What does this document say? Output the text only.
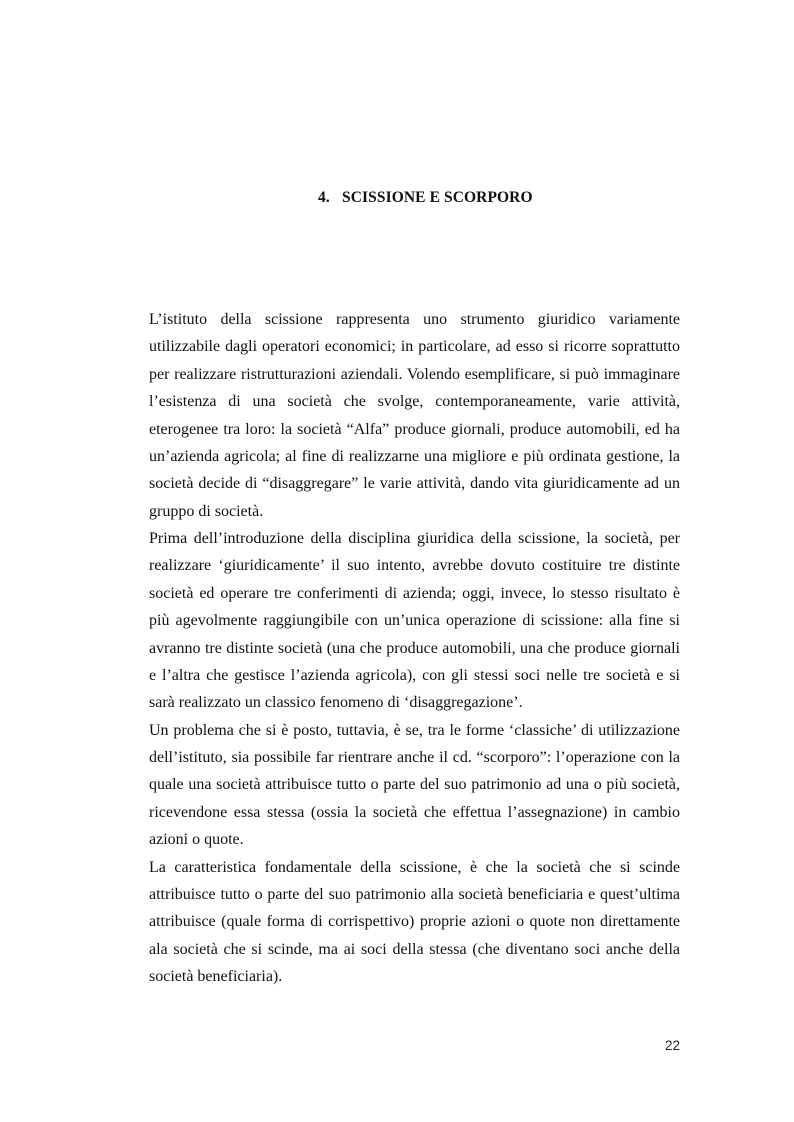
4. SCISSIONE E SCORPORO
L’istituto della scissione rappresenta uno strumento giuridico variamente
utilizzabile dagli operatori economici; in particolare, ad esso si ricorre soprattutto
per realizzare ristrutturazioni aziendali. Volendo esemplificare, si può immaginare
l’esistenza di una società che svolge, contemporaneamente, varie attività,
eterogenee tra loro: la società “Alfa” produce giornali, produce automobili, ed ha
un’azienda agricola; al fine di realizzarne una migliore e più ordinata gestione, la
società decide di “disaggregare” le varie attività, dando vita giuridicamente ad un
gruppo di società.
Prima dell’introduzione della disciplina giuridica della scissione, la società, per
realizzare ‘giuridicamente’ il suo intento, avrebbe dovuto costituire tre distinte
società ed operare tre conferimenti di azienda; oggi, invece, lo stesso risultato è
più agevolmente raggiungibile con un’unica operazione di scissione: alla fine si
avranno tre distinte società (una che produce automobili, una che produce giornali
e l’altra che gestisce l’azienda agricola), con gli stessi soci nelle tre società e si
sarà realizzato un classico fenomeno di ‘disaggregazione’.
Un problema che si è posto, tuttavia, è se, tra le forme ‘classiche’ di utilizzazione
dell’istituto, sia possibile far rientrare anche il cd. “scorporo”: l’operazione con la
quale una società attribuisce tutto o parte del suo patrimonio ad una o più società,
ricevendone essa stessa (ossia la società che effettua l’assegnazione) in cambio
azioni o quote.
La caratteristica fondamentale della scissione, è che la società che si scinde
attribuisce tutto o parte del suo patrimonio alla società beneficiaria e quest’ultima
attribuisce (quale forma di corrispettivo) proprie azioni o quote non direttamente
ala società che si scinde, ma ai soci della stessa (che diventano soci anche della
società beneficiaria).
22
